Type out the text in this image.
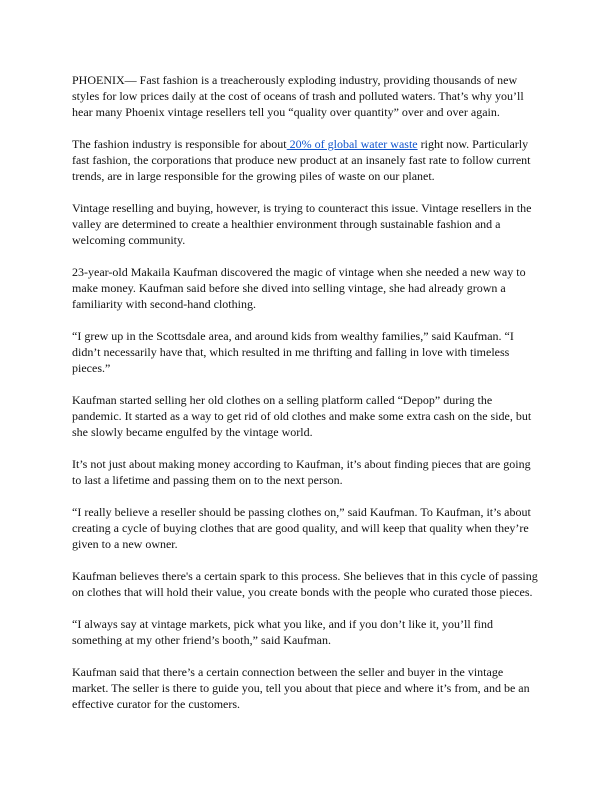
PHOENIX— Fast fashion is a treacherously exploding industry, providing thousands of new styles for low prices daily at the cost of oceans of trash and polluted waters. That’s why you’ll hear many Phoenix vintage resellers tell you “quality over quantity” over and over again.

The fashion industry is responsible for about 20% of global water waste right now. Particularly fast fashion, the corporations that produce new product at an insanely fast rate to follow current trends, are in large responsible for the growing piles of waste on our planet.

Vintage reselling and buying, however, is trying to counteract this issue. Vintage resellers in the valley are determined to create a healthier environment through sustainable fashion and a welcoming community.

23-year-old Makaila Kaufman discovered the magic of vintage when she needed a new way to make money. Kaufman said before she dived into selling vintage, she had already grown a familiarity with second-hand clothing.

“I grew up in the Scottsdale area, and around kids from wealthy families,” said Kaufman. “I didn’t necessarily have that, which resulted in me thrifting and falling in love with timeless pieces.”

Kaufman started selling her old clothes on a selling platform called “Depop” during the pandemic. It started as a way to get rid of old clothes and make some extra cash on the side, but she slowly became engulfed by the vintage world.

It’s not just about making money according to Kaufman, it’s about finding pieces that are going to last a lifetime and passing them on to the next person.

“I really believe a reseller should be passing clothes on,” said Kaufman. To Kaufman, it’s about creating a cycle of buying clothes that are good quality, and will keep that quality when they’re given to a new owner.

Kaufman believes there's a certain spark to this process. She believes that in this cycle of passing on clothes that will hold their value, you create bonds with the people who curated those pieces.

“I always say at vintage markets, pick what you like, and if you don’t like it, you’ll find something at my other friend’s booth,” said Kaufman.

Kaufman said that there’s a certain connection between the seller and buyer in the vintage market. The seller is there to guide you, tell you about that piece and where it’s from, and be an effective curator for the customers.
